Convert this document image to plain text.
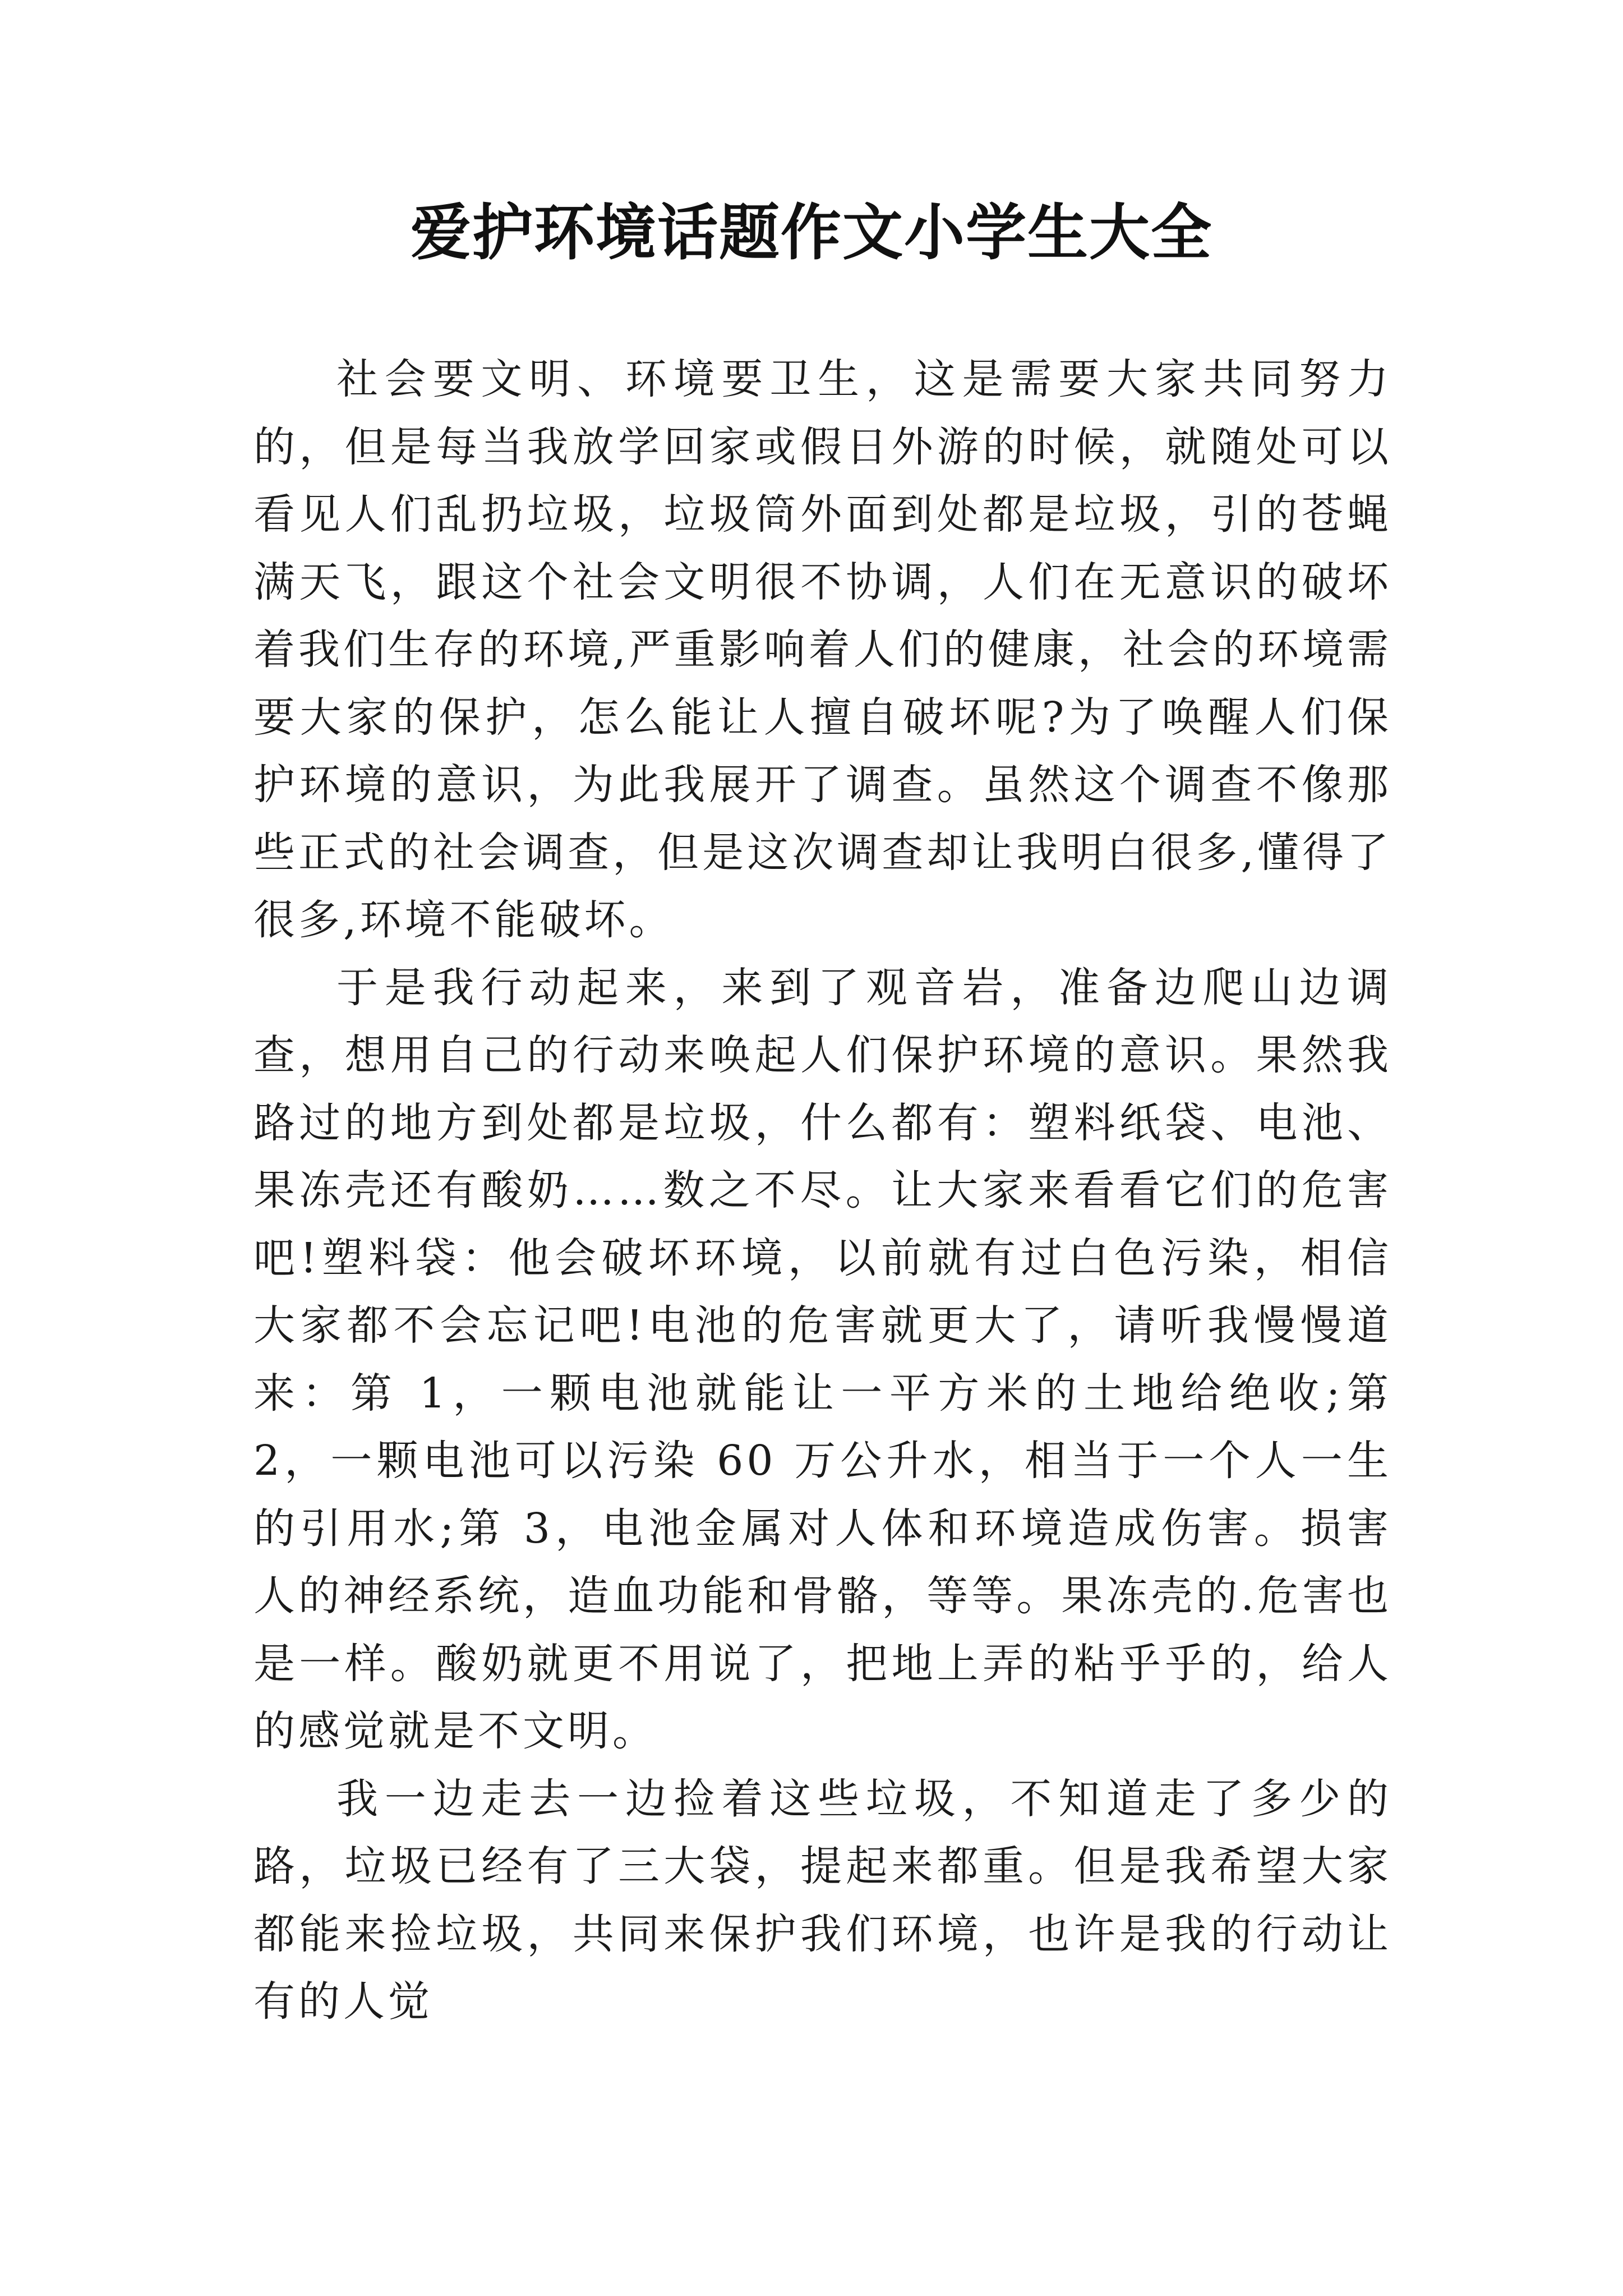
爱护环境话题作文小学生大全

社会要文明、环境要卫生，这是需要大家共同努力的，但是每当我放学回家或假日外游的时候，就随处可以看见人们乱扔垃圾，垃圾筒外面到处都是垃圾，引的苍蝇满天飞，跟这个社会文明很不协调，人们在无意识的破坏着我们生存的环境,严重影响着人们的健康，社会的环境需要大家的保护，怎么能让人擅自破坏呢?为了唤醒人们保护环境的意识，为此我展开了调查。虽然这个调查不像那些正式的社会调查，但是这次调查却让我明白很多,懂得了很多,环境不能破坏。

于是我行动起来，来到了观音岩，准备边爬山边调查，想用自己的行动来唤起人们保护环境的意识。果然我路过的地方到处都是垃圾，什么都有：塑料纸袋、电池、果冻壳还有酸奶……数之不尽。让大家来看看它们的危害吧!塑料袋：他会破坏环境，以前就有过白色污染，相信大家都不会忘记吧!电池的危害就更大了，请听我慢慢道来：第 1，一颗电池就能让一平方米的土地给绝收;第 2，一颗电池可以污染 60 万公升水，相当于一个人一生的引用水;第 3，电池金属对人体和环境造成伤害。损害人的神经系统，造血功能和骨骼，等等。果冻壳的.危害也是一样。酸奶就更不用说了，把地上弄的粘乎乎的，给人的感觉就是不文明。

我一边走去一边捡着这些垃圾，不知道走了多少的路，垃圾已经有了三大袋，提起来都重。但是我希望大家都能来捡垃圾，共同来保护我们环境，也许是我的行动让有的人觉
